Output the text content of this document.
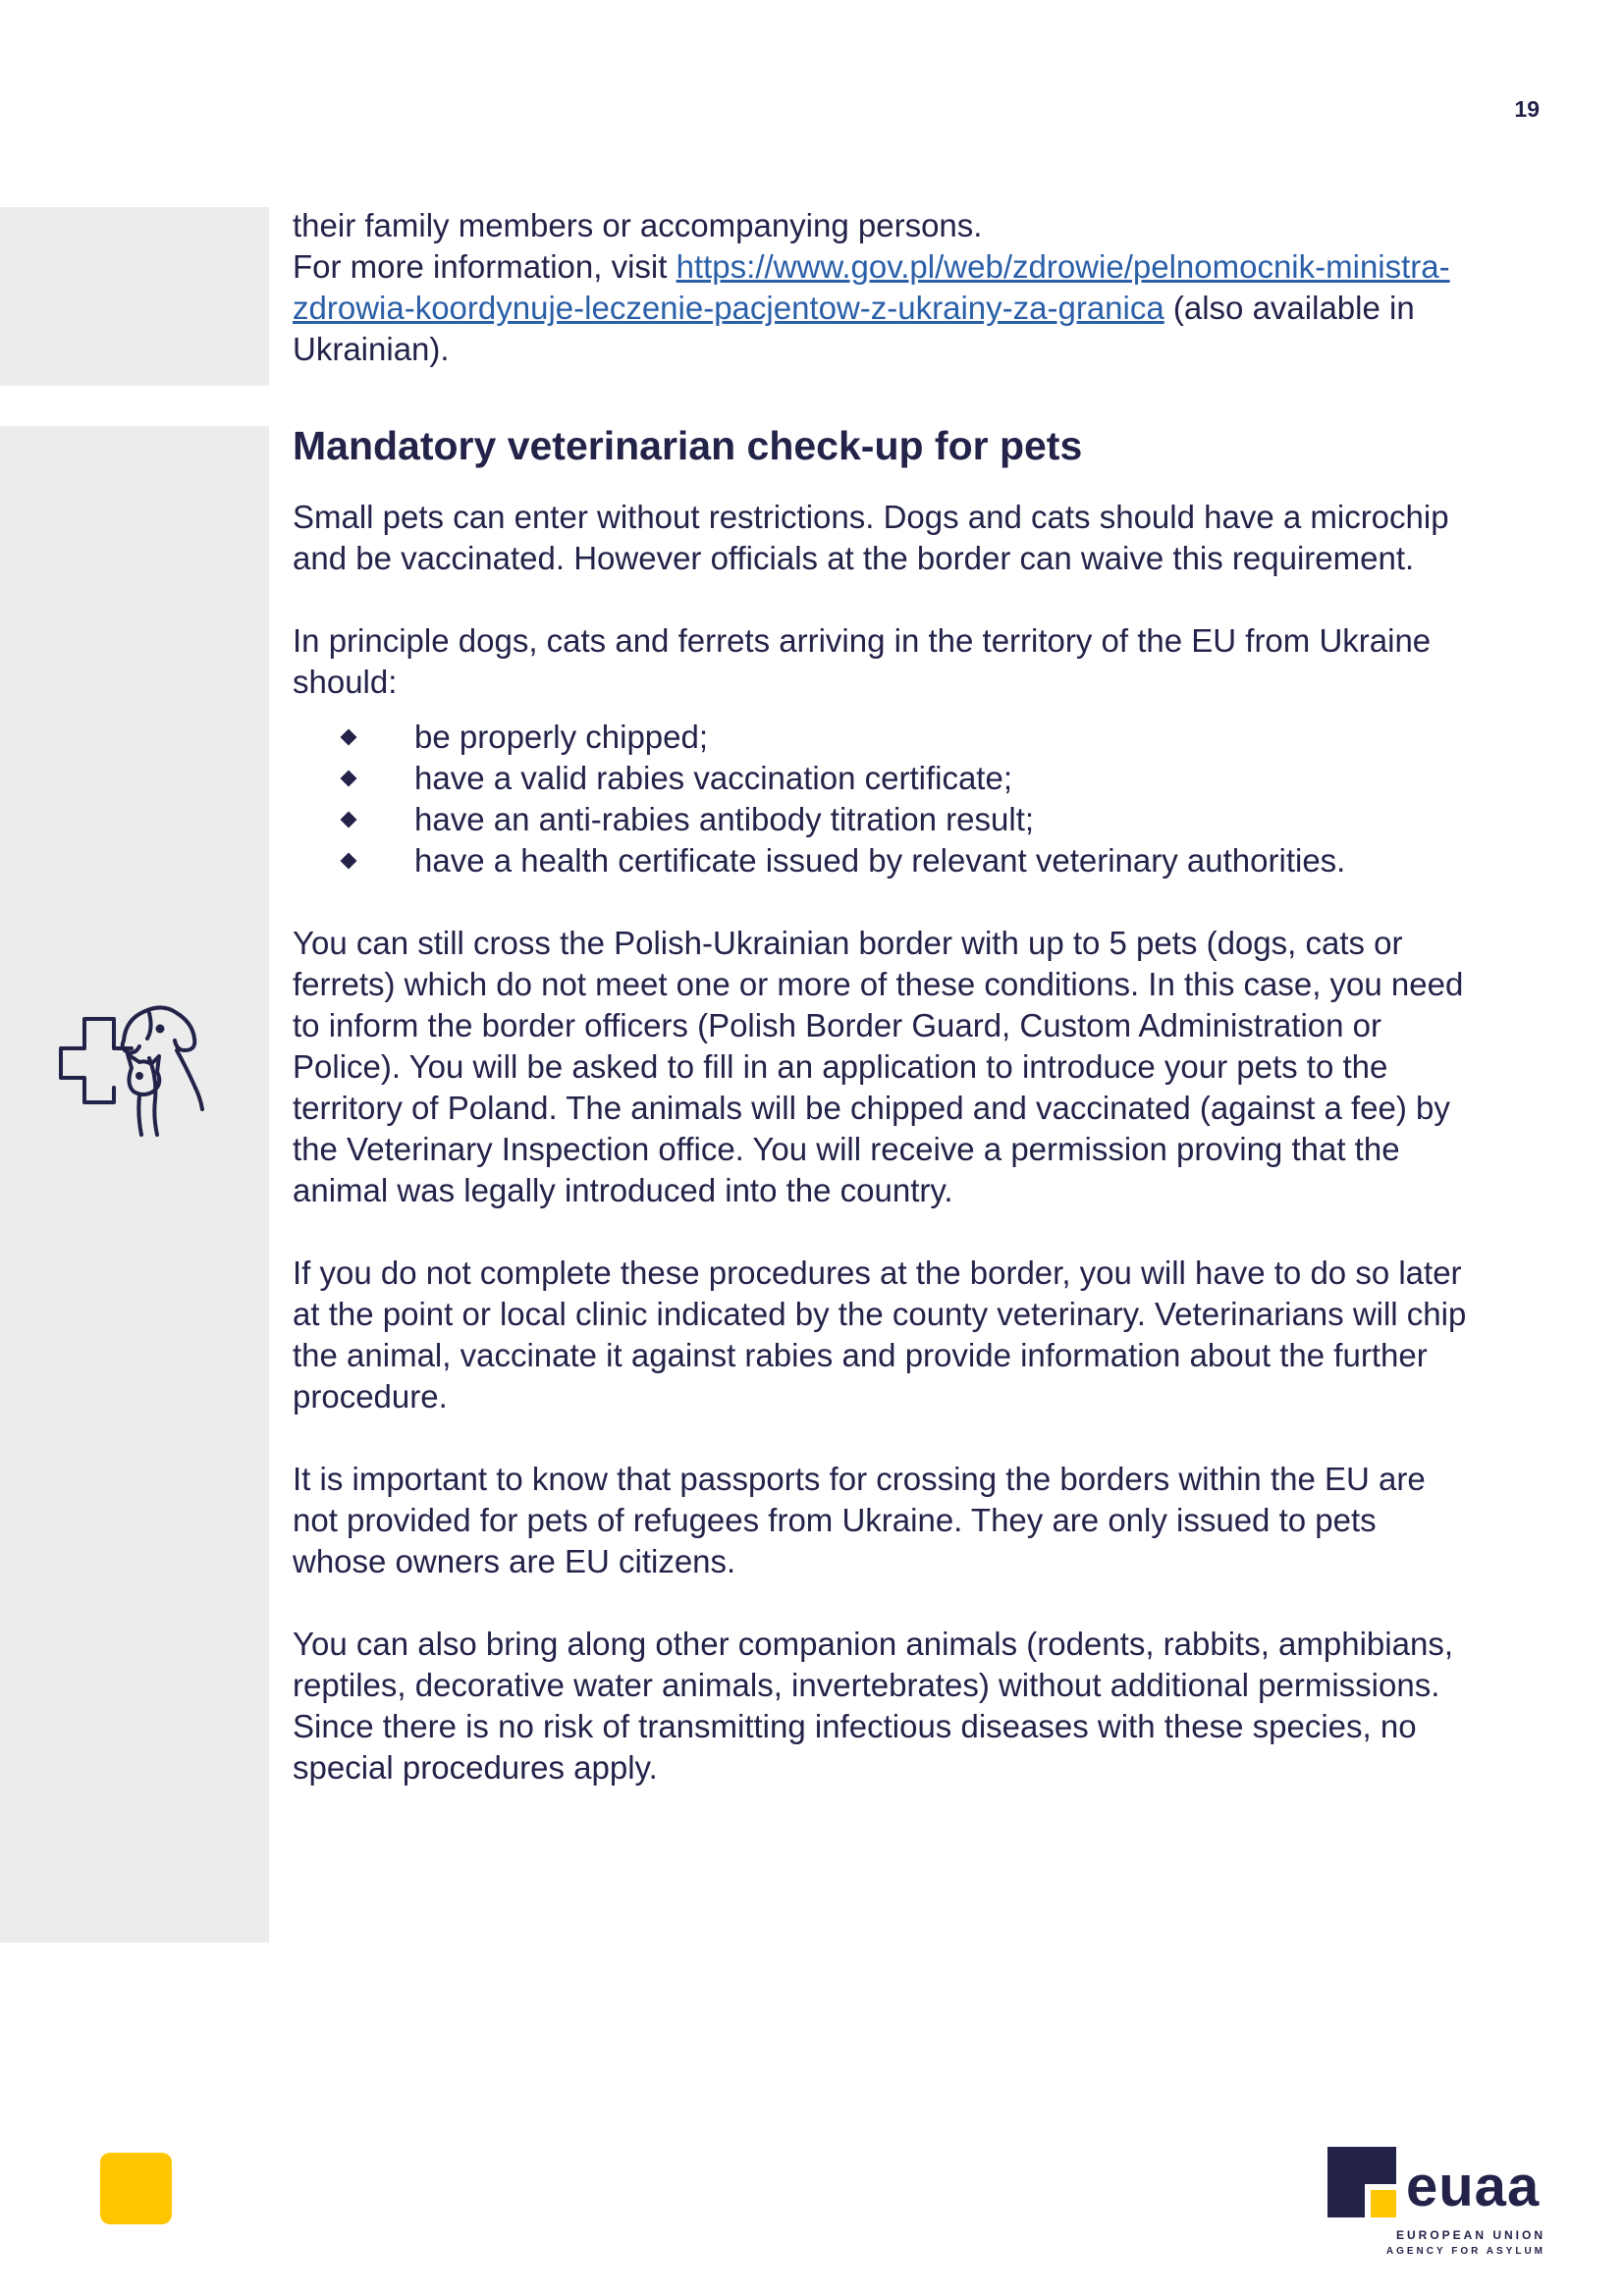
19

their family members or accompanying persons.

For more information, visit https://www.gov.pl/web/zdrowie/pelnomocnik-ministra-zdrowia-koordynuje-leczenie-pacjentow-z-ukrainy-za-granica (also available in Ukrainian).

Mandatory veterinarian check-up for pets

Small pets can enter without restrictions. Dogs and cats should have a microchip and be vaccinated. However officials at the border can waive this requirement.

In principle dogs, cats and ferrets arriving in the territory of the EU from Ukraine should:

be properly chipped;
have a valid rabies vaccination certificate;
have an anti-rabies antibody titration result;
have a health certificate issued by relevant veterinary authorities.

You can still cross the Polish-Ukrainian border with up to 5 pets (dogs, cats or ferrets) which do not meet one or more of these conditions. In this case, you need to inform the border officers (Polish Border Guard, Custom Administration or Police). You will be asked to fill in an application to introduce your pets to the territory of Poland. The animals will be chipped and vaccinated (against a fee) by the Veterinary Inspection office. You will receive a permission proving that the animal was legally introduced into the country.

If you do not complete these procedures at the border, you will have to do so later at the point or local clinic indicated by the county veterinary. Veterinarians will chip the animal, vaccinate it against rabies and provide information about the further procedure.

It is important to know that passports for crossing the borders within the EU are not provided for pets of refugees from Ukraine. They are only issued to pets whose owners are EU citizens.

You can also bring along other companion animals (rodents, rabbits, amphibians, reptiles, decorative water animals, invertebrates) without additional permissions. Since there is no risk of transmitting infectious diseases with these species, no special procedures apply.

euaa
EUROPEAN UNION
AGENCY FOR ASYLUM
